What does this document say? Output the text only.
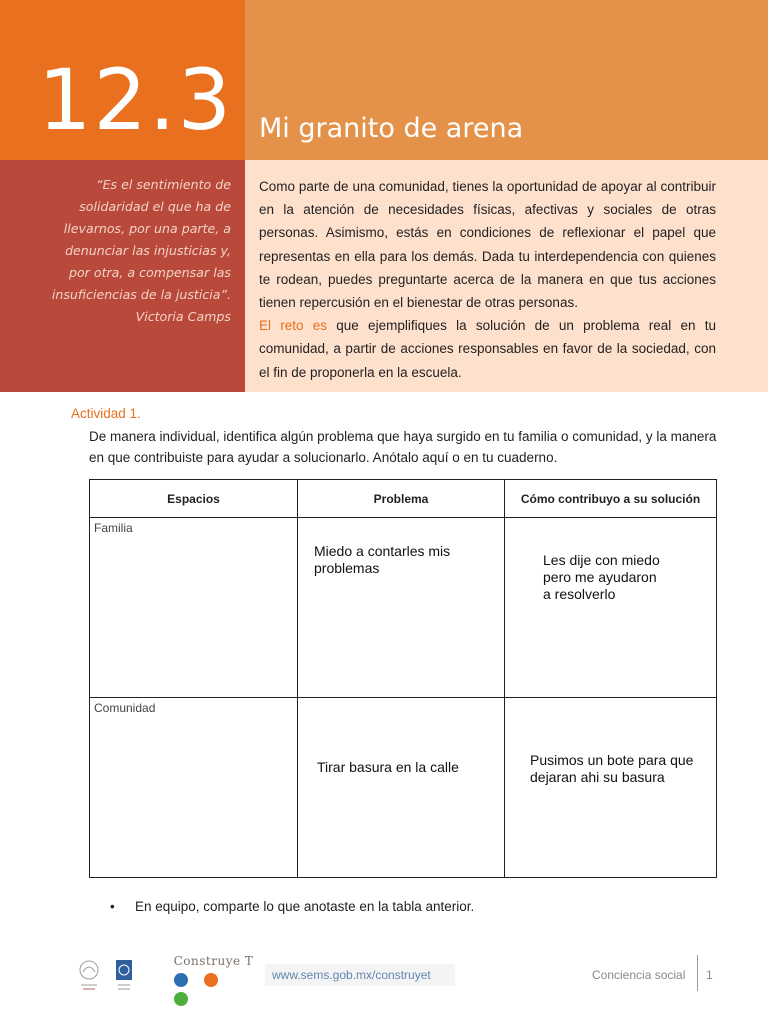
12.3 Mi granito de arena
“Es el sentimiento de
solidaridad el que ha de
llevarnos, por una parte, a
denunciar las injusticias y,
por otra, a compensar las
insuficiencias de la justicia”.
Victoria Camps

Como parte de una comunidad, tienes la oportunidad de apoyar al contribuir en la atención de necesidades físicas, afectivas y sociales de otras personas. Asimismo, estás en condiciones de reflexionar el papel que representas en ella para los demás. Dada tu interdependencia con quienes te rodean, puedes preguntarte acerca de la manera en que tus acciones tienen repercusión en el bienestar de otras personas.

El reto es que ejemplifiques la solución de un problema real en tu comunidad, a partir de acciones responsables en favor de la sociedad, con el fin de proponerla en la escuela.

Actividad 1.
De manera individual, identifica algún problema que haya surgido en tu familia o comunidad, y la manera en que contribuiste para ayudar a solucionarlo. Anótalo aquí o en tu cuaderno.
Espacios	Problema	Cómo contribuyo a su solución

Familia	Miedo a contarles mis problemas	Les dije con miedo pero me ayudaron a resolverlo

Comunidad	Tirar basura en la calle	Pusimos un bote para que dejaran ahi su basura
• En equipo, comparte lo que anotaste en la tabla anterior.
Construye T
www.sems.gob.mx/construyet	Conciencia social 1
